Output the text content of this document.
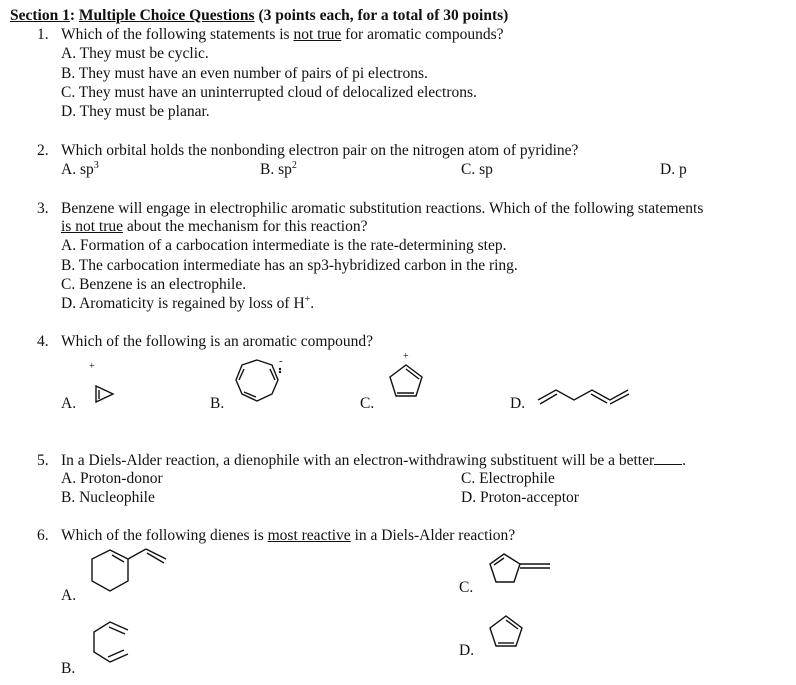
Section 1: Multiple Choice Questions (3 points each, for a total of 30 points)
1. Which of the following statements is not true for aromatic compounds?
A. They must be cyclic.
B. They must have an even number of pairs of pi electrons.
C. They must have an uninterrupted cloud of delocalized electrons.
D. They must be planar.
2. Which orbital holds the nonbonding electron pair on the nitrogen atom of pyridine?
A. $sp^3$	B. $sp^2$	C. sp	D. p
3. Benzene will engage in electrophilic aromatic substitution reactions. Which of the following statements
is not true about the mechanism for this reaction?
A. Formation of a carbocation intermediate is the rate-determining step.
B. The carbocation intermediate has an sp3-hybridized carbon in the ring.
C. Benzene is an electrophile.
D. Aromaticity is regained by loss of H+.
4. Which of the following is an aromatic compound?
A.	B.	C.	D.
+	-	+
5. In a Diels-Alder reaction, a dienophile with an electron-withdrawing substituent will be a better .
A. Proton-donor
B. Nucleophile
C. Electrophile
D. Proton-acceptor
6. Which of the following dienes is most reactive in a Diels-Alder reaction?
A.
B.
C.
D.
